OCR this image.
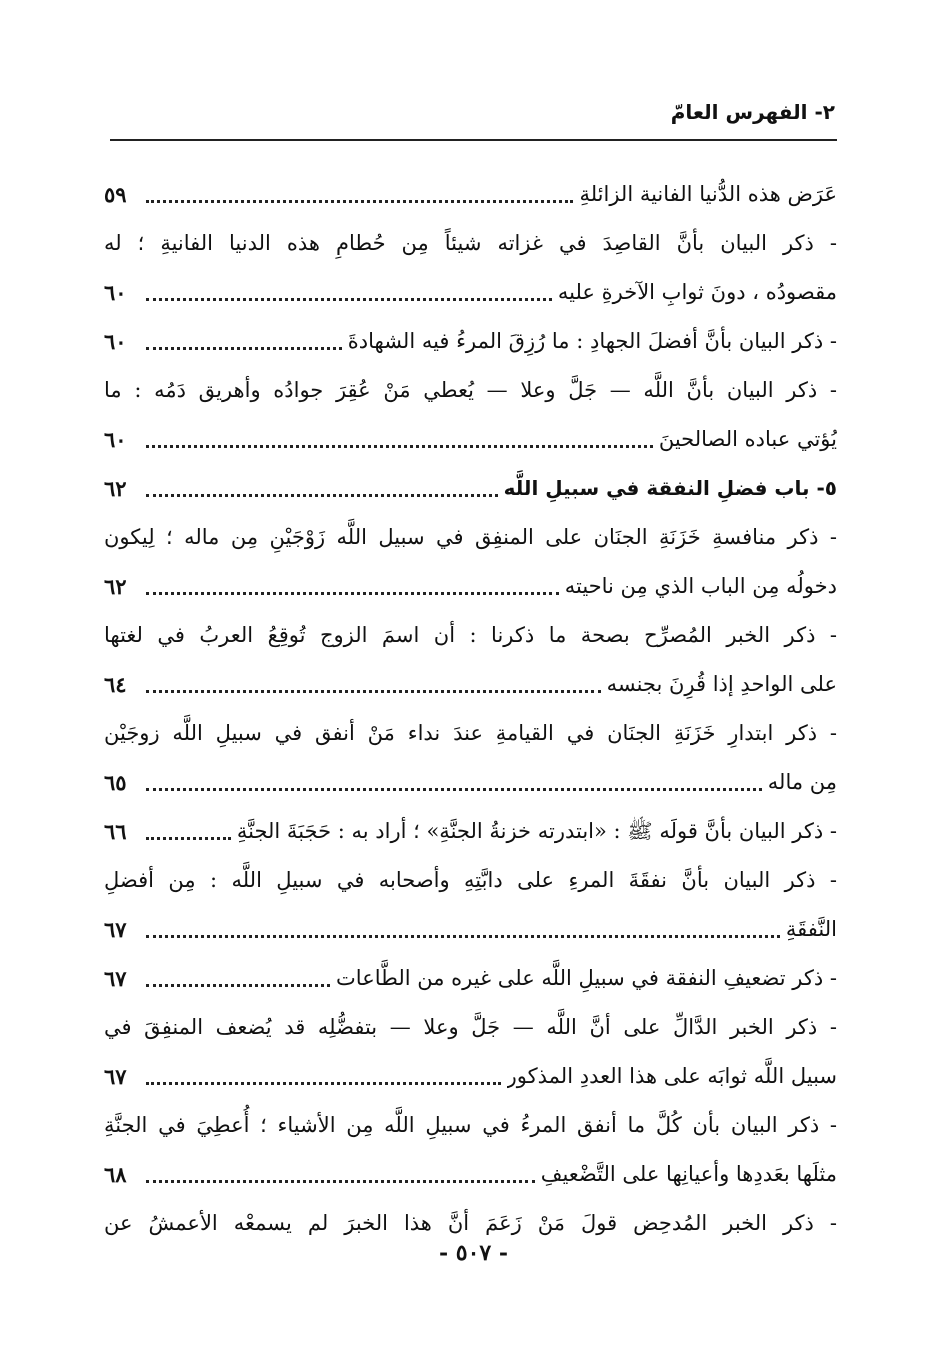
٢- الفهرس العامّ
عَرَض هذه الدُّنيا الفانية الزائلةِ
٥٩
- ذكر البيان بأنَّ القاصِدَ في غزاته شيئاً مِن حُطامِ هذه الدنيا الفانيةِ ؛ له
مقصودُه ، دونَ ثوابِ الآخرةِ عليه
٦٠
- ذكر البيان بأنَّ أفضلَ الجهادِ : ما رُزِقَ المرءُ فيه الشهادةَ
٦٠
- ذكر البيان بأنَّ اللَّه — جَلَّ وعلا — يُعطي مَنْ عُقِرَ جوادُه وأهريق دَمُه : ما
يُؤتي عباده الصالحينَ
٦٠
٥- باب فضلِ النفقة في سبيلِ اللَّه
٦٢
- ذكر منافسةِ خَزَنَةِ الجنَان على المنفِق في سبيل اللَّه زَوْجَيْنِ مِن ماله ؛ لِيكون
دخولُه مِن الباب الذي مِن ناحيته
٦٢
- ذكر الخبر المُصرِّح بصحة ما ذكرنا : أن اسمَ الزوج تُوقِعُ العربُ في لغتها
على الواحدِ إذا قُرِنَ بجنسه
٦٤
- ذكر ابتدارِ خَزَنَةِ الجنَان في القيامةِ عندَ نداء مَنْ أنفق في سبيلِ اللَّه زوجَيْن
مِن ماله
٦٥
- ذكر البيان بأنَّ قولَه ﷺ : «ابتدرته خزنةُ الجنَّةِ» ؛ أراد به : حَجَبَةَ الجنَّةِ
٦٦
- ذكر البيان بأنَّ نفقَةَ المرءِ على دابَّتِهِ وأصحابه في سبيلِ اللَّه : مِن أفضلِ
النَّفقَةِ
٦٧
- ذكر تضعيفِ النفقة في سبيلِ اللَّه على غيره من الطَّاعات
٦٧
- ذكر الخبر الدَّالِّ على أنَّ اللَّه — جَلَّ وعلا — بتفضُّلِه قد يُضعف المنفِقَ في
سبيل اللَّه ثوابَه على هذا العددِ المذكور
٦٧
- ذكر البيان بأن كُلَّ ما أنفق المرءُ في سبيلِ اللَّه مِن الأشياء ؛ أُعطِيَ في الجنَّةِ
مثلَها بعَددِها وأعيانِها على التَّضْعيفِ
٦٨
- ذكر الخبر المُدحِض قولَ مَنْ زَعَمَ أنَّ هذا الخبرَ لم يسمعْه الأعمشُ عن
- ٥٠٧ -
